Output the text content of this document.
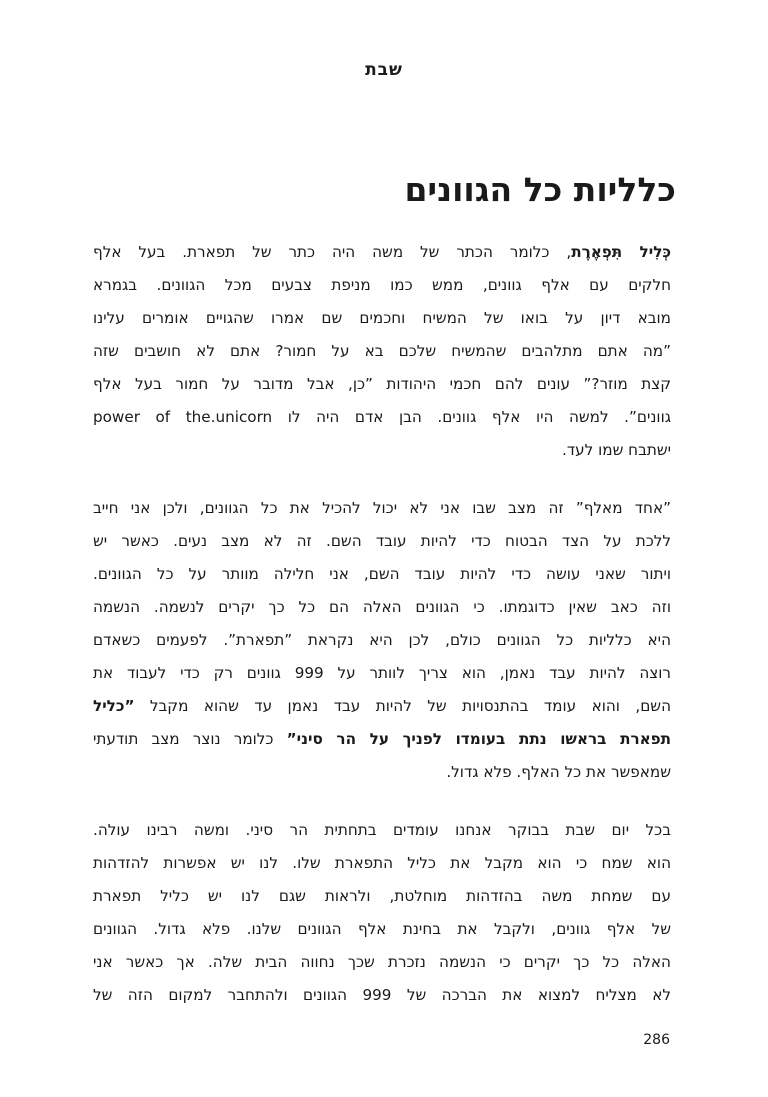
שבת
כלליות כל הגוונים
כְּלִיל תִּפְאֶרֶת, כלומר הכתר של משה היה כתר של תפארת. בעל אלף
חלקים עם אלף גוונים, ממש כמו מניפת צבעים מכל הגוונים. בגמרא
מובא דיון על בואו של המשיח וחכמים שם אמרו שהגויים אומרים עלינו
”מה אתם מתלהבים שהמשיח שלכם בא על חמור? אתם לא חושבים שזה
קצת מוזר?” עונים להם חכמי היהודות ”כן, אבל מדובר על חמור בעל אלף
גוונים”. למשה היו אלף גוונים. הבן אדם היה לו power of the.unicorn
ישתבח שמו לעד.
”אחד מאלף” זה מצב שבו אני לא יכול להכיל את כל הגוונים, ולכן אני חייב
ללכת על הצד הבטוח כדי להיות עובד השם. זה לא מצב נעים. כאשר יש
ויתור שאני עושה כדי להיות עובד השם, אני חלילה מוותר על כל הגוונים.
וזה כאב שאין כדוגמתו. כי הגוונים האלה הם כל כך יקרים לנשמה. הנשמה
היא כלליות כל הגוונים כולם, לכן היא נקראת ”תפארת”. לפעמים כשאדם
רוצה להיות עבד נאמן, הוא צריך לוותר על 999 גוונים רק כדי לעבוד את
השם, והוא עומד בהתנסויות של להיות עבד נאמן עד שהוא מקבל ”כליל
תפארת בראשו נתת בעומדו לפניך על הר סיני” כלומר נוצר מצב תודעתי
שמאפשר את כל האלף. פלא גדול.
בכל יום שבת בבוקר אנחנו עומדים בתחתית הר סיני. ומשה רבינו עולה.
הוא שמח כי הוא מקבל את כליל התפארת שלו. לנו יש אפשרות להזדהות
עם שמחת משה בהזדהות מוחלטת, ולראות שגם לנו יש כליל תפארת
של אלף גוונים, ולקבל את בחינת אלף הגוונים שלנו. פלא גדול. הגוונים
האלה כל כך יקרים כי הנשמה נזכרת שכך נחווה הבית שלה. אך כאשר אני
לא מצליח למצוא את הברכה של 999 הגוונים ולהתחבר למקום הזה של
286
